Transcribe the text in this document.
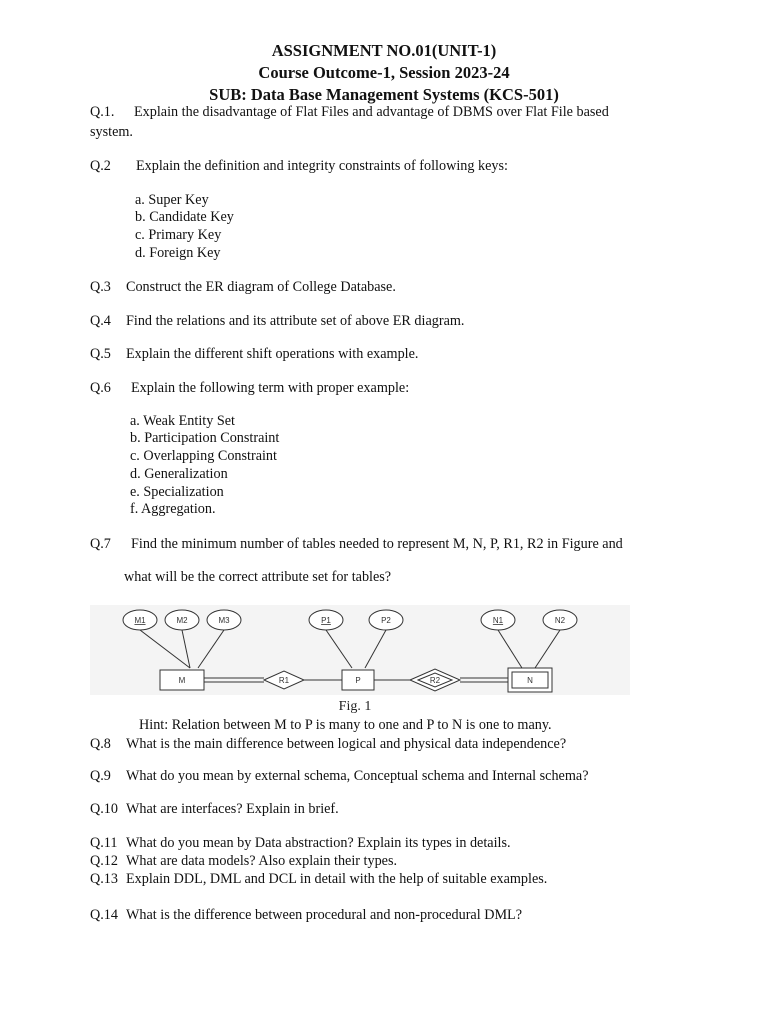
ASSIGNMENT NO.01(UNIT-1)
Course Outcome-1, Session 2023-24
SUB: Data Base Management Systems (KCS-501)
Q.1. Explain the disadvantage of Flat Files and advantage of DBMS over Flat File based
system.
Q.2 Explain the definition and integrity constraints of following keys:
a. Super Key
b. Candidate Key
c. Primary Key
d. Foreign Key
Q.3 Construct the ER diagram of College Database.
Q.4 Find the relations and its attribute set of above ER diagram.
Q.5 Explain the different shift operations with example.
Q.6 Explain the following term with proper example:
a. Weak Entity Set
b. Participation Constraint
c. Overlapping Constraint
d. Generalization
e. Specialization
f. Aggregation.
Q.7 Find the minimum number of tables needed to represent M, N, P, R1, R2 in Figure and
what will be the correct attribute set for tables?
M1	M2	M3	P1	P2	N1	N2
M	P	N
R1	R2
Fig. 1
Hint: Relation between M to P is many to one and P to N is one to many.
Q.8 What is the main difference between logical and physical data independence?
Q.9 What do you mean by external schema, Conceptual schema and Internal schema?
Q.10 What are interfaces? Explain in brief.
Q.11 What do you mean by Data abstraction? Explain its types in details.
Q.12 What are data models? Also explain their types.
Q.13 Explain DDL, DML and DCL in detail with the help of suitable examples.
Q.14 What is the difference between procedural and non-procedural DML?
